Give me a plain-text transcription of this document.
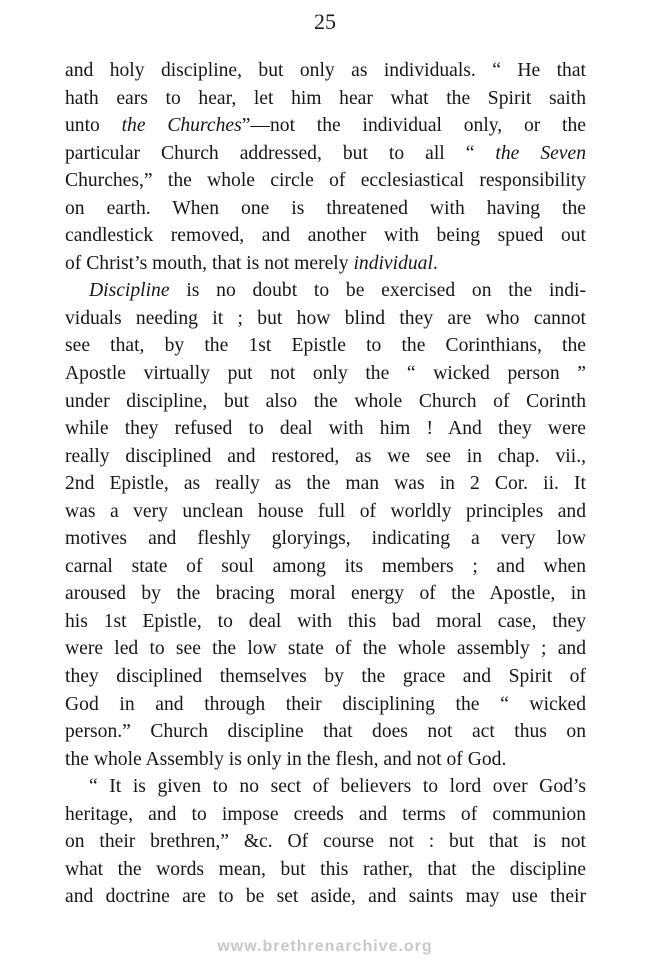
25
and holy discipline, but only as individuals. “ He that
hath ears to hear, let him hear what the Spirit saith
unto the Churches”—not the individual only, or the
particular Church addressed, but to all “ the Seven
Churches,” the whole circle of ecclesiastical responsibility
on earth. When one is threatened with having the
candlestick removed, and another with being spued out
of Christ’s mouth, that is not merely individual.
Discipline is no doubt to be exercised on the indi-
viduals needing it ; but how blind they are who cannot
see that, by the 1st Epistle to the Corinthians, the
Apostle virtually put not only the “ wicked person ”
under discipline, but also the whole Church of Corinth
while they refused to deal with him ! And they were
really disciplined and restored, as we see in chap. vii.,
2nd Epistle, as really as the man was in 2 Cor. ii. It
was a very unclean house full of worldly principles and
motives and fleshly gloryings, indicating a very low
carnal state of soul among its members ; and when
aroused by the bracing moral energy of the Apostle, in
his 1st Epistle, to deal with this bad moral case, they
were led to see the low state of the whole assembly ; and
they disciplined themselves by the grace and Spirit of
God in and through their disciplining the “ wicked
person.” Church discipline that does not act thus on
the whole Assembly is only in the flesh, and not of God.
“ It is given to no sect of believers to lord over God’s
heritage, and to impose creeds and terms of communion
on their brethren,” &c. Of course not : but that is not
what the words mean, but this rather, that the discipline
and doctrine are to be set aside, and saints may use their
www.brethrenarchive.org
